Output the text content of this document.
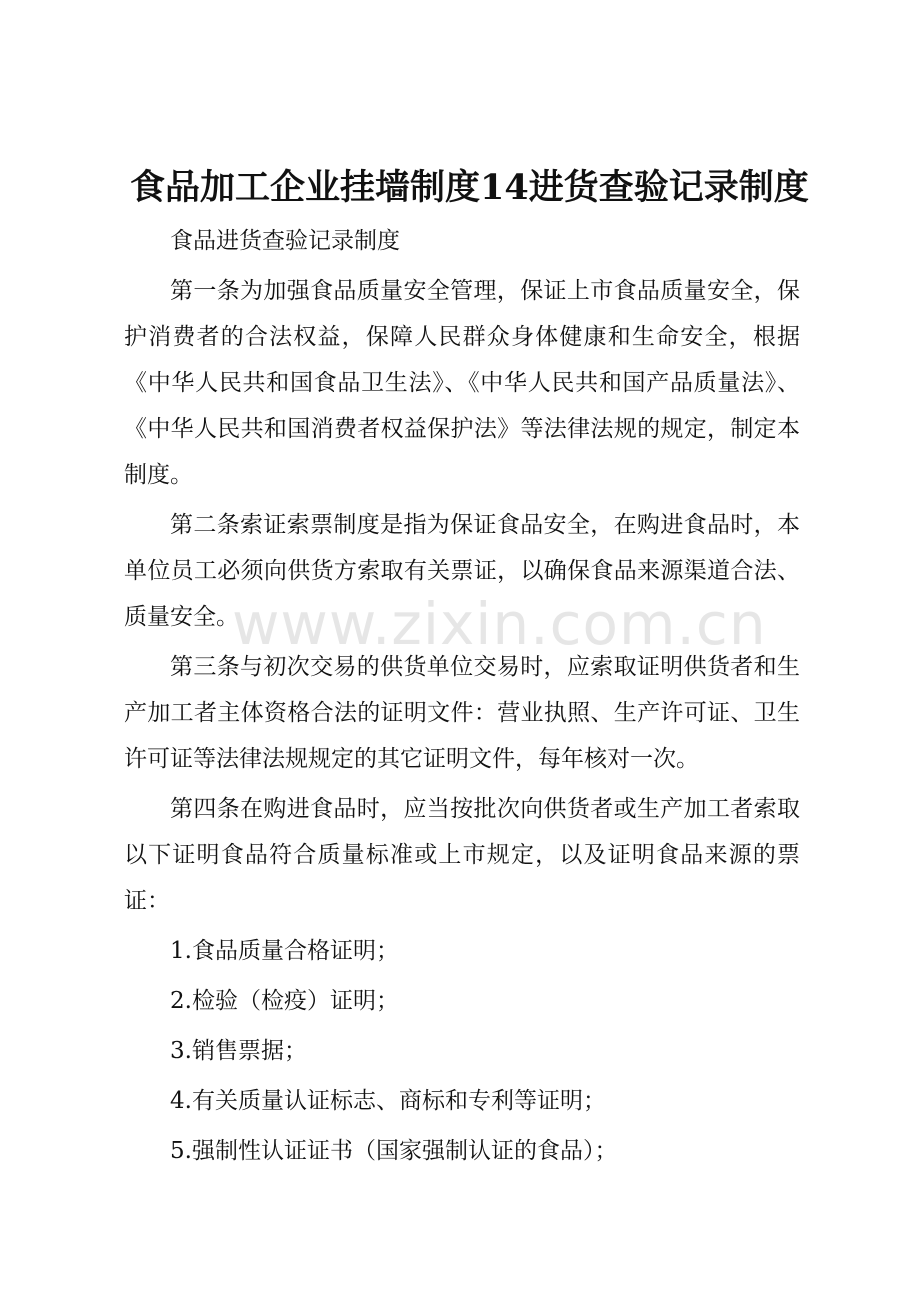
www.zixin.com.cn
食品加工企业挂墙制度14进货查验记录制度

食品进货查验记录制度

第一条为加强食品质量安全管理，保证上市食品质量安全，保护消费者的合法权益，保障人民群众身体健康和生命安全，根据《中华人民共和国食品卫生法》、《中华人民共和国产品质量法》、《中华人民共和国消费者权益保护法》等法律法规的规定，制定本制度。

第二条索证索票制度是指为保证食品安全，在购进食品时，本单位员工必须向供货方索取有关票证，以确保食品来源渠道合法、质量安全。

第三条与初次交易的供货单位交易时，应索取证明供货者和生产加工者主体资格合法的证明文件：营业执照、生产许可证、卫生许可证等法律法规规定的其它证明文件，每年核对一次。

第四条在购进食品时，应当按批次向供货者或生产加工者索取以下证明食品符合质量标准或上市规定，以及证明食品来源的票证：

1.食品质量合格证明；

2.检验（检疫）证明；

3.销售票据；

4.有关质量认证标志、商标和专利等证明；

5.强制性认证证书（国家强制认证的食品）；
